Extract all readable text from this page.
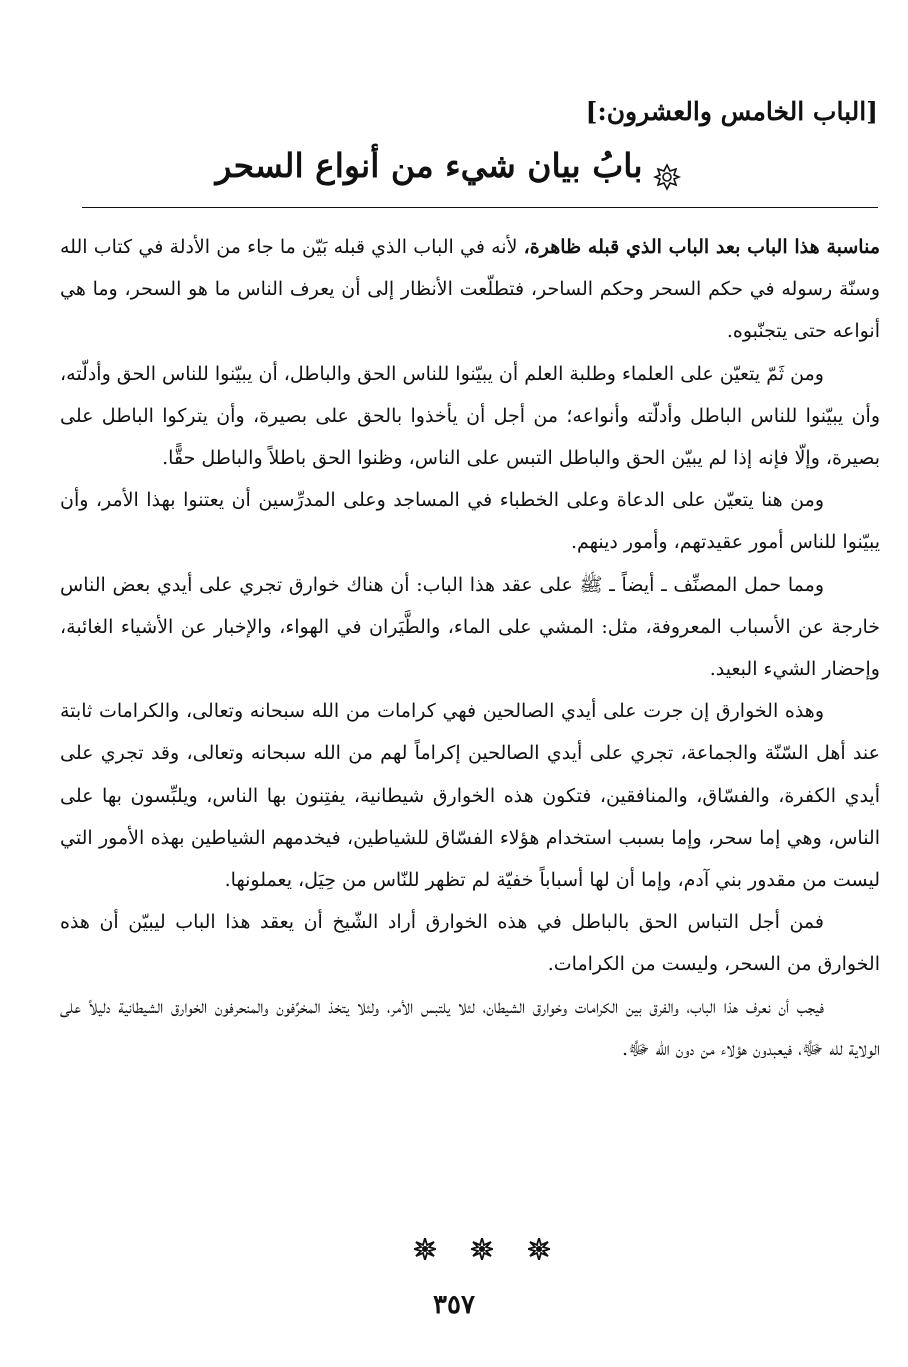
[الباب الخامس والعشرون:]
بابُ بيان شيء من أنواع السحر

مناسبة هذا الباب بعد الباب الذي قبله ظاهرة، لأنه في الباب الذي قبله بَيّن ما جاء من الأدلة في كتاب الله وسنّة رسوله في حكم السحر وحكم الساحر، فتطلّعت الأنظار إلى أن يعرف الناس ما هو السحر، وما هي أنواعه حتى يتجنّبوه.

ومن ثَمّ يتعيّن على العلماء وطلبة العلم أن يبيّنوا للناس الحق والباطل، أن يبيّنوا للناس الحق وأدلّته، وأن يبيّنوا للناس الباطل وأدلّته وأنواعه؛ من أجل أن يأخذوا بالحق على بصيرة، وأن يتركوا الباطل على بصيرة، وإلّا فإنه إذا لم يبيّن الحق والباطل التبس على الناس، وظنوا الحق باطلاً والباطل حقًّا.

ومن هنا يتعيّن على الدعاة وعلى الخطباء في المساجد وعلى المدرِّسين أن يعتنوا بهذا الأمر، وأن يبيّنوا للناس أمور عقيدتهم، وأمور دينهم.

ومما حمل المصنِّف ـ أيضاً ـ ﷺ على عقد هذا الباب: أن هناك خوارق تجري على أيدي بعض الناس خارجة عن الأسباب المعروفة، مثل: المشي على الماء، والطَّيَران في الهواء، والإخبار عن الأشياء الغائبة، وإحضار الشيء البعيد.

وهذه الخوارق إن جرت على أيدي الصالحين فهي كرامات من الله سبحانه وتعالى، والكرامات ثابتة عند أهل السّنّة والجماعة، تجري على أيدي الصالحين إكراماً لهم من الله سبحانه وتعالى، وقد تجري على أيدي الكفرة، والفسّاق، والمنافقين، فتكون هذه الخوارق شيطانية، يفتِنون بها الناس، ويلبِّسون بها على الناس، وهي إما سحر، وإما بسبب استخدام هؤلاء الفسّاق للشياطين، فيخدمهم الشياطين بهذه الأمور التي ليست من مقدور بني آدم، وإما أن لها أسباباً خفيّة لم تظهر للنّاس من حِيَل، يعملونها.

فمن أجل التباس الحق بالباطل في هذه الخوارق أراد الشّيخ أن يعقد هذا الباب ليبيّن أن هذه الخوارق من السحر، وليست من الكرامات.

فيجب أن نعرف هذا الباب، والفرق بين الكرامات وخوارق الشيطان، لئلا يلتبس الأمر، ولئلا يتخذ المخرِّفون والمنحرفون الخوارق الشيطانية دليلاً على الولاية لله ﷻ، فيعبدون هؤلاء من دون الله ﷻ.

٣٥٧
